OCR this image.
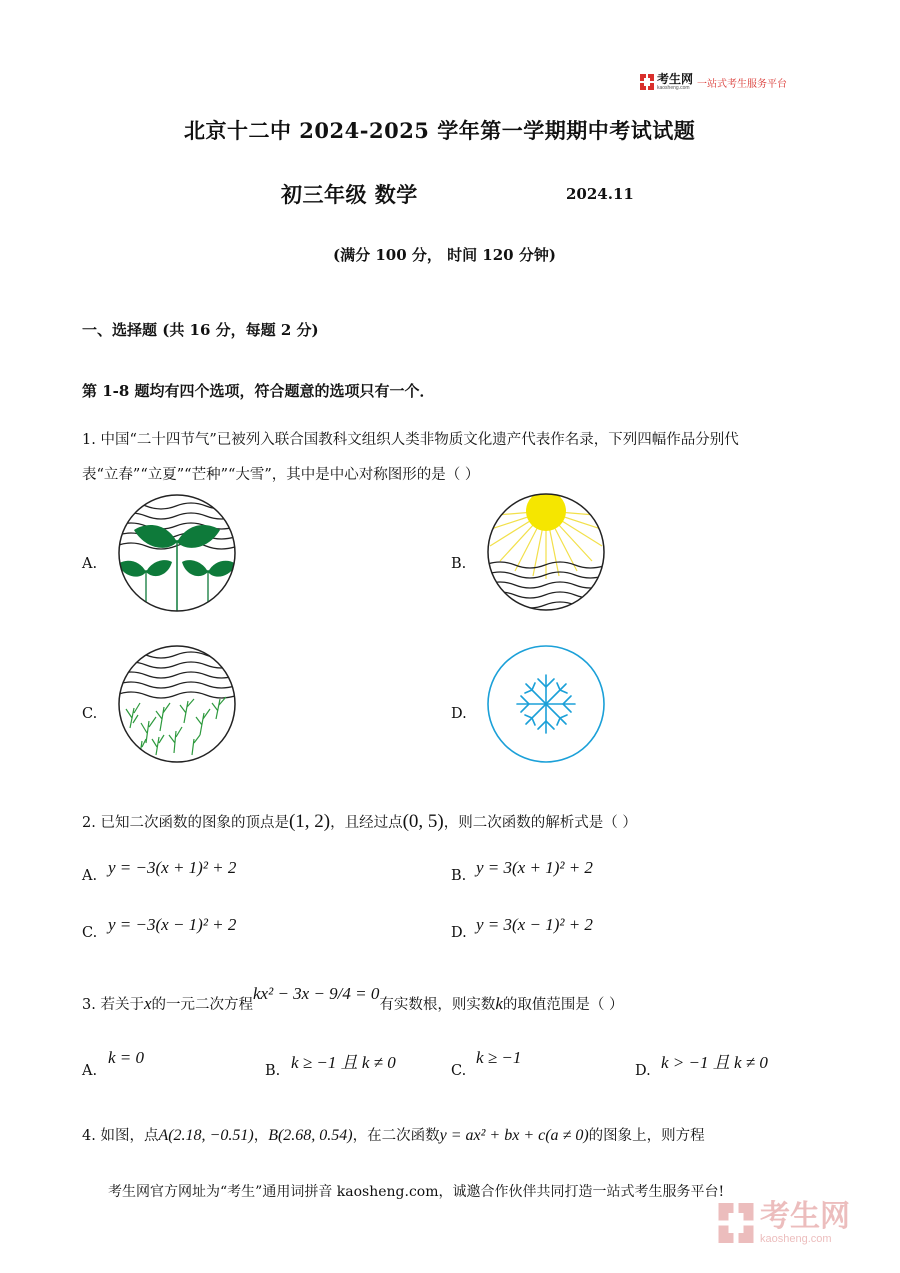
考生网
kaosheng.com 一站式考生服务平台
北京十二中 2024-2025 学年第一学期期中考试试题
初三年级 数学	2024.11
(满分 100 分， 时间 120 分钟)
一、选择题 (共 16 分，每题 2 分)
第 1-8 题均有四个选项，符合题意的选项只有一个．
1. 中国“二十四节气”已被列入联合国教科文组织人类非物质文化遗产代表作名录，下列四幅作品分别代
表“立春”“立夏”“芒种”“大雪”，其中是中心对称图形的是（ ）
A.	B.
C.	D.
2. 已知二次函数的图象的顶点是(1, 2)，且经过点(0, 5)，则二次函数的解析式是（ ）
A. y = −3(x + 1)² + 2	B. y = 3(x + 1)² + 2
C. y = −3(x − 1)² + 2	D. y = 3(x − 1)² + 2
3. 若关于x的一元二次方程kx² − 3x − 9/4 = 0有实数根，则实数k的取值范围是（ ）
A.
k = 0
B. k ≥ −1 且 k ≠ 0	C.
k ≥ −1
D. k > −1 且 k ≠ 0
4. 如图，点A(2.18, −0.51)，B(2.68, 0.54)，在二次函数y = ax² + bx + c(a ≠ 0)的图象上，则方程
考生网官方网址为“考生”通用词拼音 kaosheng.com，诚邀合作伙伴共同打造一站式考生服务平台!
考生网
kaosheng.com
